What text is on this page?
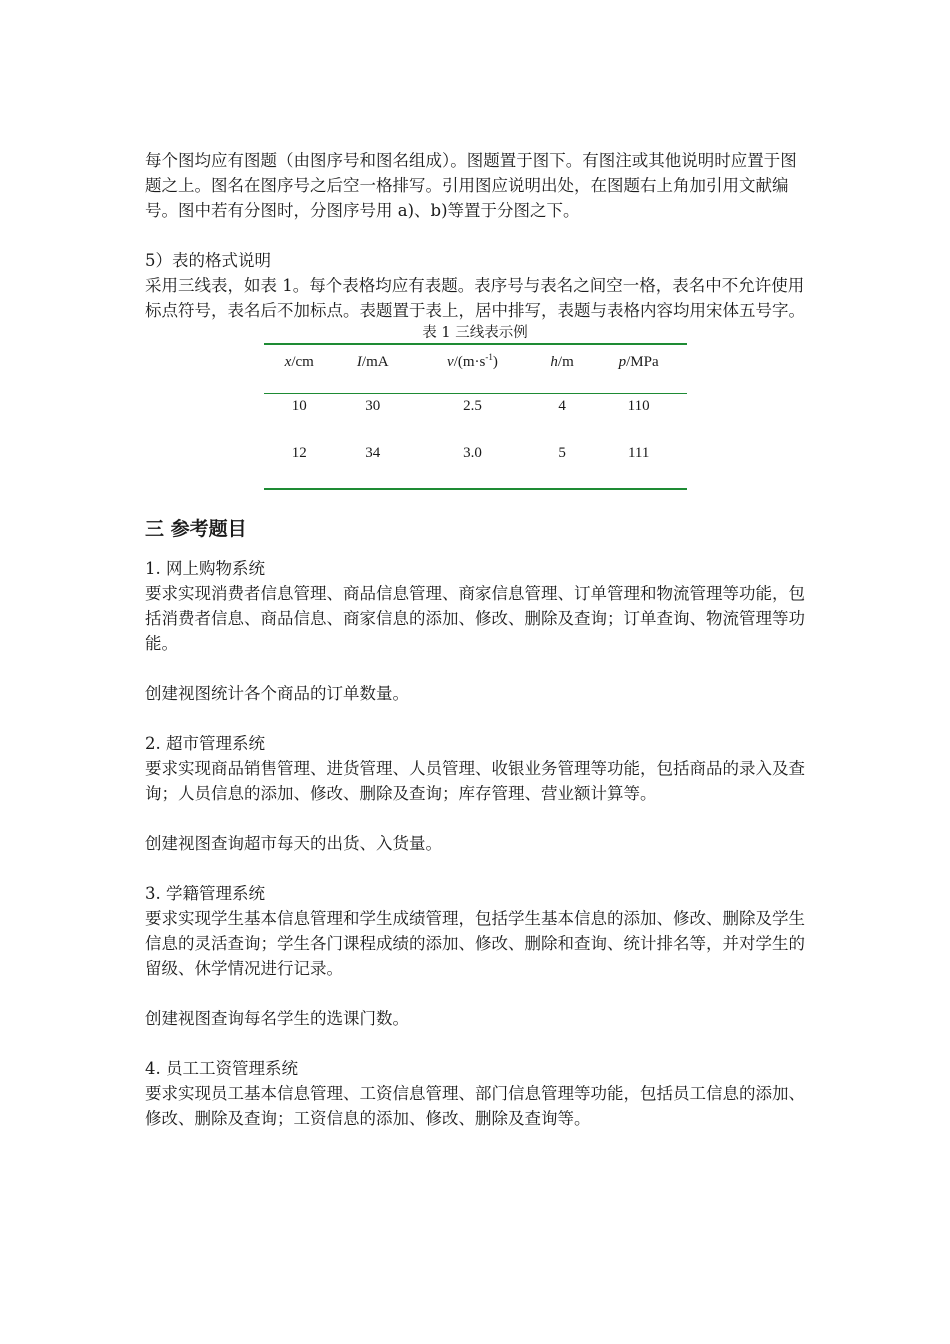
每个图均应有图题（由图序号和图名组成）。图题置于图下。有图注或其他说明时应置于图题之上。图名在图序号之后空一格排写。引用图应说明出处，在图题右上角加引用文献编号。图中若有分图时，分图序号用 a)、b)等置于分图之下。

5）表的格式说明

采用三线表，如表 1。每个表格均应有表题。表序号与表名之间空一格，表名中不允许使用标点符号，表名后不加标点。表题置于表上，居中排写，表题与表格内容均用宋体五号字。

表 1 三线表示例
x/cm	I/mA	$v/(m\cdot s^{-1})$	h/m	p/MPa
10	30	2.5	4	110
12	34	3.0	5	111
三 参考题目

1. 网上购物系统

要求实现消费者信息管理、商品信息管理、商家信息管理、订单管理和物流管理等功能，包括消费者信息、商品信息、商家信息的添加、修改、删除及查询；订单查询、物流管理等功能。

创建视图统计各个商品的订单数量。

2. 超市管理系统

要求实现商品销售管理、进货管理、人员管理、收银业务管理等功能，包括商品的录入及查询；人员信息的添加、修改、删除及查询；库存管理、营业额计算等。

创建视图查询超市每天的出货、入货量。

3. 学籍管理系统

要求实现学生基本信息管理和学生成绩管理，包括学生基本信息的添加、修改、删除及学生信息的灵活查询；学生各门课程成绩的添加、修改、删除和查询、统计排名等，并对学生的留级、休学情况进行记录。

创建视图查询每名学生的选课门数。

4. 员工工资管理系统

要求实现员工基本信息管理、工资信息管理、部门信息管理等功能，包括员工信息的添加、修改、删除及查询；工资信息的添加、修改、删除及查询等。
